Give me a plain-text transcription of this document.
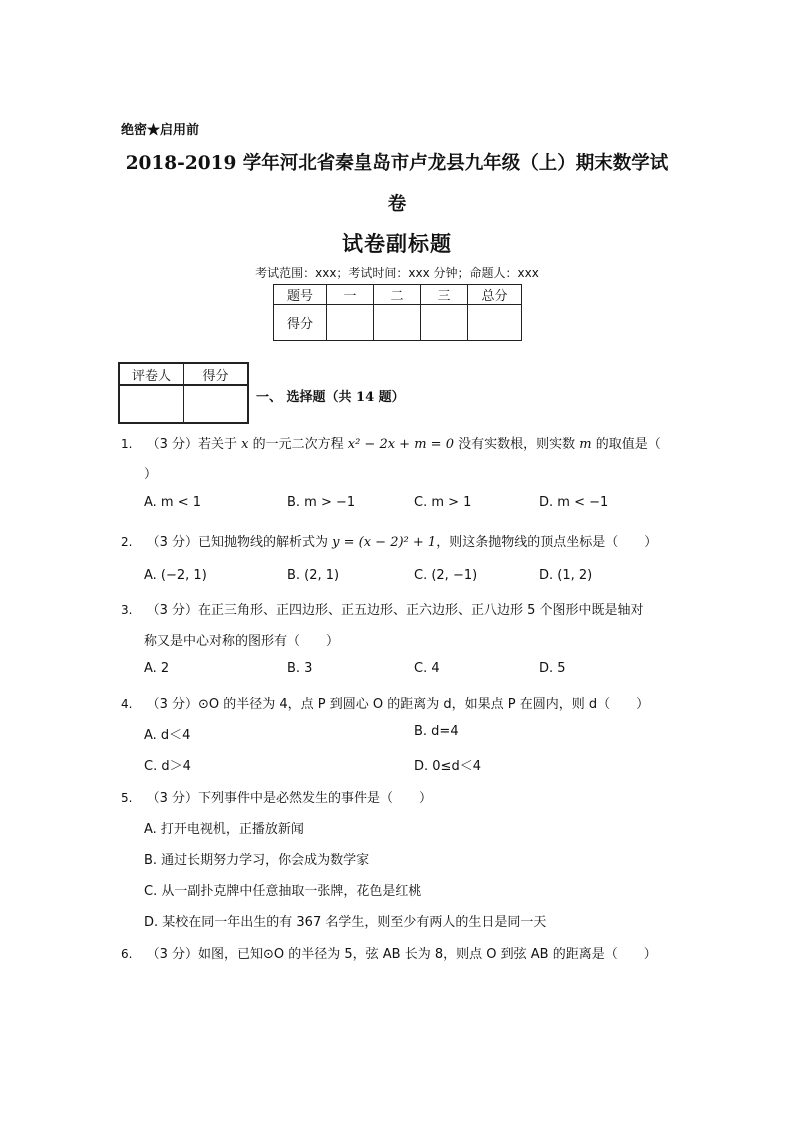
绝密★启用前
2018-2019 学年河北省秦皇岛市卢龙县九年级（上）期末数学试
卷
试卷副标题
考试范围：xxx；考试时间：xxx 分钟；命题人：xxx
题号	一	二	三	总分
得分				
评卷人	得分

一、 选择题（共 14 题）
1. （3 分）若关于 x 的一元二次方程 x² − 2x + m = 0 没有实数根，则实数 m 的取值是（
）
A. m < 1	B. m > −1	C. m > 1	D. m < −1
2. （3 分）已知抛物线的解析式为 y = (x − 2)² + 1，则这条抛物线的顶点坐标是（　　）
A. (−2, 1)	B. (2, 1)	C. (2, −1)	D. (1, 2)
3. （3 分）在正三角形、正四边形、正五边形、正六边形、正八边形 5 个图形中既是轴对
称又是中心对称的图形有（　　）
A. 2	B. 3	C. 4	D. 5
4. （3 分）⊙O 的半径为 4，点 P 到圆心 O 的距离为 d，如果点 P 在圆内，则 d（　　）
A. d＜4	B. d=4
C. d＞4	D. 0≤d＜4
5. （3 分）下列事件中是必然发生的事件是（　　）
A. 打开电视机，正播放新闻
B. 通过长期努力学习，你会成为数学家
C. 从一副扑克牌中任意抽取一张牌，花色是红桃
D. 某校在同一年出生的有 367 名学生，则至少有两人的生日是同一天
6. （3 分）如图，已知⊙O 的半径为 5，弦 AB 长为 8，则点 O 到弦 AB 的距离是（　　）
